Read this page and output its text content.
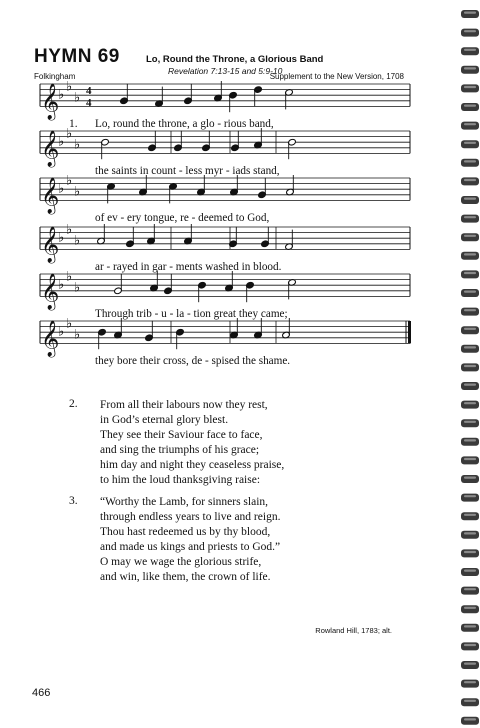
HYMN 69	Lo, Round the Throne, a Glorious Band
Revelation 7:13-15 and 5:9-10
Folkingham	Supplement to the New Version, 1708
𝄞
♭
♭
♭ 4
4
𝄞
♭
♭
♭
𝄞
♭
♭
♭
𝄞
♭
♭
♭
𝄞
♭
♭
♭
𝄞
♭
♭
♭
1. Lo, round the throne, a glo - rious band,
the saints in count - less myr - iads stand,
of ev - ery tongue, re - deemed to God,
ar - rayed in gar - ments washed in blood.
Through trib - u - la - tion great they came;
they bore their cross, de - spised the shame.
2. From all their labours now they rest,
in God’s eternal glory blest.
They see their Saviour face to face,
and sing the triumphs of his grace;
him day and night they ceaseless praise,
to him the loud thanksgiving raise:
3. “Worthy the Lamb, for sinners slain,
through endless years to live and reign.
Thou hast redeemed us by thy blood,
and made us kings and priests to God.”
O may we wage the glorious strife,
and win, like them, the crown of life.
Rowland Hill, 1783; alt.
466
